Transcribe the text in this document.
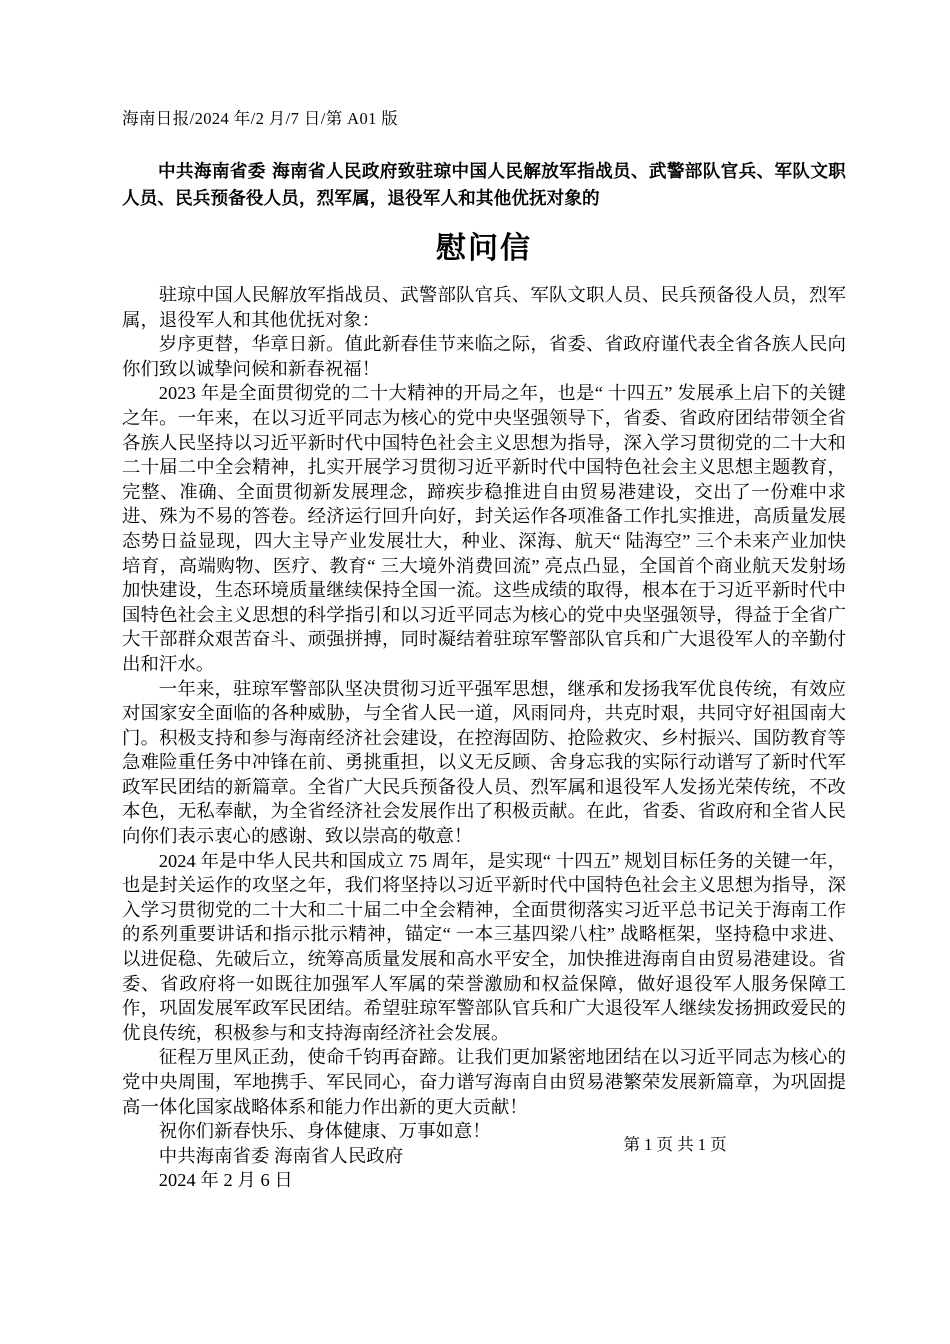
海南日报/2024 年/2 月/7 日/第 A01 版
中共海南省委 海南省人民政府致驻琼中国人民解放军指战员、武警部队官兵、军队文职人员、民兵预备役人员，烈军属，退役军人和其他优抚对象的
慰问信

驻琼中国人民解放军指战员、武警部队官兵、军队文职人员、民兵预备役人员，烈军属，退役军人和其他优抚对象：

岁序更替，华章日新。值此新春佳节来临之际，省委、省政府谨代表全省各族人民向你们致以诚挚问候和新春祝福！

2023 年是全面贯彻党的二十大精神的开局之年，也是“ 十四五” 发展承上启下的关键之年。一年来，在以习近平同志为核心的党中央坚强领导下，省委、省政府团结带领全省各族人民坚持以习近平新时代中国特色社会主义思想为指导，深入学习贯彻党的二十大和二十届二中全会精神，扎实开展学习贯彻习近平新时代中国特色社会主义思想主题教育，完整、准确、全面贯彻新发展理念，蹄疾步稳推进自由贸易港建设，交出了一份难中求进、殊为不易的答卷。经济运行回升向好，封关运作各项准备工作扎实推进，高质量发展态势日益显现，四大主导产业发展壮大，种业、深海、航天“ 陆海空” 三个未来产业加快培育，高端购物、医疗、教育“ 三大境外消费回流” 亮点凸显，全国首个商业航天发射场加快建设，生态环境质量继续保持全国一流。这些成绩的取得，根本在于习近平新时代中国特色社会主义思想的科学指引和以习近平同志为核心的党中央坚强领导，得益于全省广大干部群众艰苦奋斗、顽强拼搏，同时凝结着驻琼军警部队官兵和广大退役军人的辛勤付出和汗水。

一年来，驻琼军警部队坚决贯彻习近平强军思想，继承和发扬我军优良传统，有效应对国家安全面临的各种威胁，与全省人民一道，风雨同舟，共克时艰，共同守好祖国南大门。积极支持和参与海南经济社会建设，在控海固防、抢险救灾、乡村振兴、国防教育等急难险重任务中冲锋在前、勇挑重担，以义无反顾、舍身忘我的实际行动谱写了新时代军政军民团结的新篇章。全省广大民兵预备役人员、烈军属和退役军人发扬光荣传统，不改本色，无私奉献，为全省经济社会发展作出了积极贡献。在此，省委、省政府和全省人民向你们表示衷心的感谢、致以崇高的敬意！

2024 年是中华人民共和国成立 75 周年，是实现“ 十四五” 规划目标任务的关键一年，也是封关运作的攻坚之年，我们将坚持以习近平新时代中国特色社会主义思想为指导，深入学习贯彻党的二十大和二十届二中全会精神，全面贯彻落实习近平总书记关于海南工作的系列重要讲话和指示批示精神，锚定“ 一本三基四梁八柱” 战略框架，坚持稳中求进、以进促稳、先破后立，统筹高质量发展和高水平安全，加快推进海南自由贸易港建设。省委、省政府将一如既往加强军人军属的荣誉激励和权益保障，做好退役军人服务保障工作，巩固发展军政军民团结。希望驻琼军警部队官兵和广大退役军人继续发扬拥政爱民的优良传统，积极参与和支持海南经济社会发展。

征程万里风正劲，使命千钧再奋蹄。让我们更加紧密地团结在以习近平同志为核心的党中央周围，军地携手、军民同心，奋力谱写海南自由贸易港繁荣发展新篇章，为巩固提高一体化国家战略体系和能力作出新的更大贡献！

祝你们新春快乐、身体健康、万事如意！

中共海南省委 海南省人民政府

2024 年 2 月 6 日

第 1 页 共 1 页
